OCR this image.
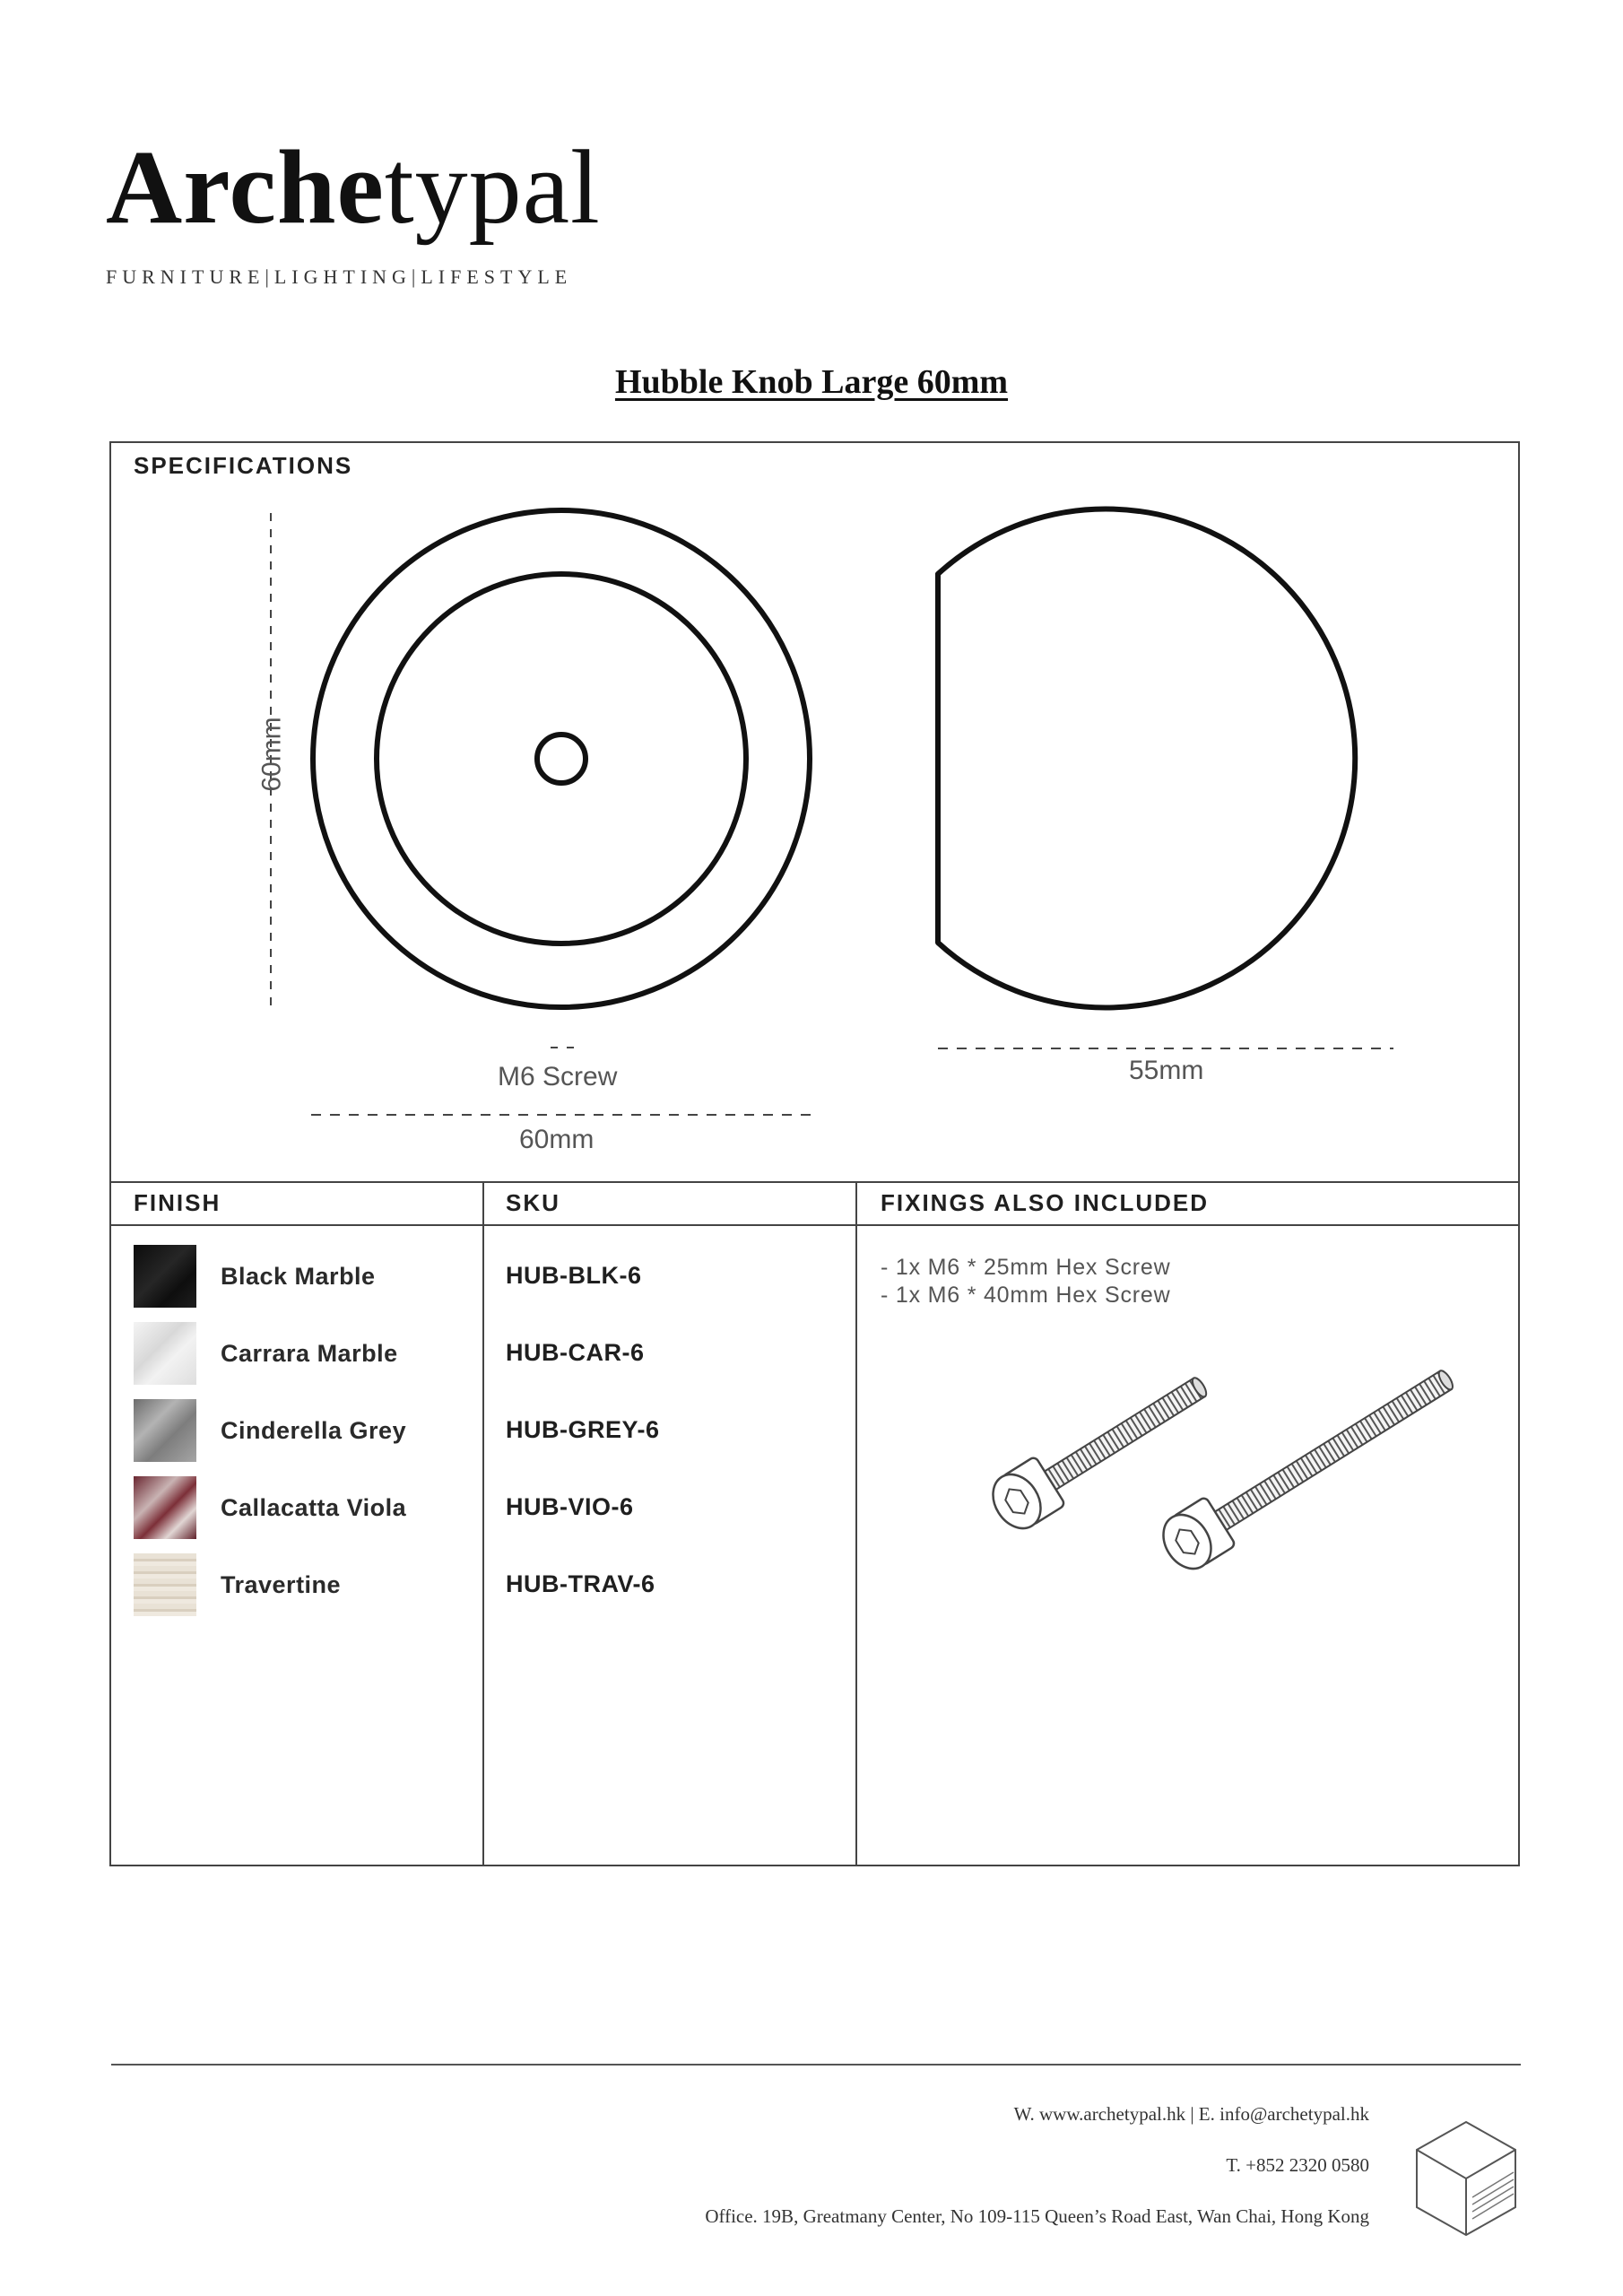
Archetypal
FURNITURE|LIGHTING|LIFESTYLE
Hubble Knob Large 60mm
SPECIFICATIONS
60mm
M6 Screw
60mm
55mm
FINISH	SKU	FIXINGS ALSO INCLUDED
Black Marble
Carrara Marble
Cinderella Grey
Callacatta Viola
Travertine
HUB-BLK-6
HUB-CAR-6
HUB-GREY-6
HUB-VIO-6
HUB-TRAV-6
- 1x M6 * 25mm Hex Screw
- 1x M6 * 40mm Hex Screw
W. www.archetypal.hk | E. info@archetypal.hk
T. +852 2320 0580
Office. 19B, Greatmany Center, No 109-115 Queen’s Road East, Wan Chai, Hong Kong
